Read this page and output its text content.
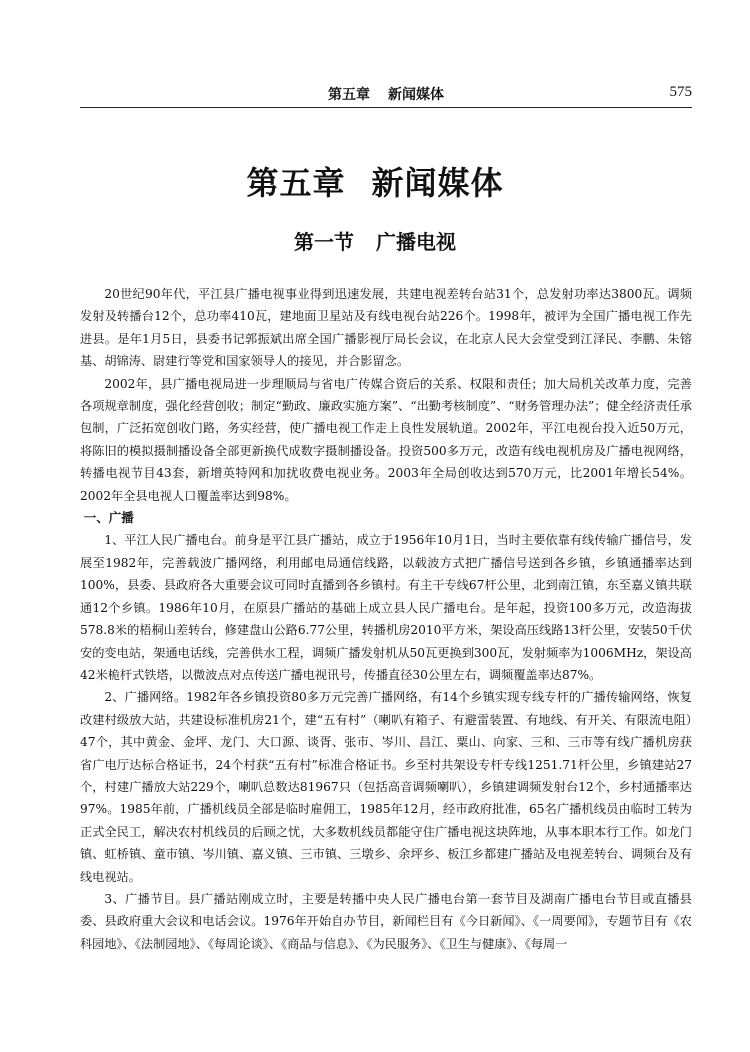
第五章 新闻媒体	575
第五章 新闻媒体
第一节 广播电视

20世纪90年代，平江县广播电视事业得到迅速发展，共建电视差转台站31个，总发射功率达3800瓦。调频发射及转播台12个，总功率410瓦，建地面卫星站及有线电视台站226个。1998年，被评为全国广播电视工作先进县。是年1月5日，县委书记郭振斌出席全国广播影视厅局长会议，在北京人民大会堂受到江泽民、李鹏、朱镕基、胡锦涛、尉建行等党和国家领导人的接见，并合影留念。

2002年，县广播电视局进一步理顺局与省电广传媒合资后的关系、权限和责任；加大局机关改革力度，完善各项规章制度，强化经营创收；制定“勤政、廉政实施方案”、“出勤考核制度”、“财务管理办法”；健全经济责任承包制，广泛拓宽创收门路，务实经营，使广播电视工作走上良性发展轨道。2002年，平江电视台投入近50万元，将陈旧的模拟摄制播设备全部更新换代成数字摄制播设备。投资500多万元，改造有线电视机房及广播电视网络，转播电视节目43套，新增英特网和加扰收费电视业务。2003年全局创收达到570万元，比2001年增长54%。2002年全县电视人口覆盖率达到98%。

一、广播

1、平江人民广播电台。前身是平江县广播站，成立于1956年10月1日，当时主要依靠有线传输广播信号，发展至1982年，完善载波广播网络，利用邮电局通信线路，以载波方式把广播信号送到各乡镇，乡镇通播率达到100%，县委、县政府各大重要会议可同时直播到各乡镇村。有主干专线67杆公里，北到南江镇，东至嘉义镇共联通12个乡镇。1986年10月，在原县广播站的基础上成立县人民广播电台。是年起，投资100多万元，改造海拔578.8米的梧桐山差转台，修建盘山公路6.77公里，转播机房2010平方米，架设高压线路13杆公里，安装50千伏安的变电站，架通电话线，完善供水工程，调频广播发射机从50瓦更换到300瓦，发射频率为1006MHz，架设高42米桅杆式铁塔，以微波点对点传送广播电视讯号，传播直径30公里左右，调频覆盖率达87%。

2、广播网络。1982年各乡镇投资80多万元完善广播网络，有14个乡镇实现专线专杆的广播传输网络，恢复改建村级放大站，共建设标准机房21个，建“五有村”（喇叭有箱子、有避雷装置、有地线、有开关、有限流电阻）47个，其中黄金、金坪、龙门、大口源、谈胥、张市、岑川、昌江、粟山、向家、三和、三市等有线广播机房获省广电厅达标合格证书，24个村获“五有村”标准合格证书。乡至村共架设专杆专线1251.71杆公里，乡镇建站27个，村建广播放大站229个，喇叭总数达81967只（包括高音调频喇叭），乡镇建调频发射台12个，乡村通播率达97%。1985年前，广播机线员全部是临时雇佣工，1985年12月，经市政府批准，65名广播机线员由临时工转为正式全民工，解决农村机线员的后顾之忧，大多数机线员都能守住广播电视这块阵地，从事本职本行工作。如龙门镇、虹桥镇、童市镇、岑川镇、嘉义镇、三市镇、三墩乡、余坪乡、板江乡都建广播站及电视差转台、调频台及有线电视站。

3、广播节目。县广播站刚成立时，主要是转播中央人民广播电台第一套节目及湖南广播电台节目或直播县委、县政府重大会议和电话会议。1976年开始自办节目，新闻栏目有《今日新闻》、《一周要闻》，专题节目有《农科园地》、《法制园地》、《每周论谈》、《商品与信息》、《为民服务》、《卫生与健康》、《每周一
